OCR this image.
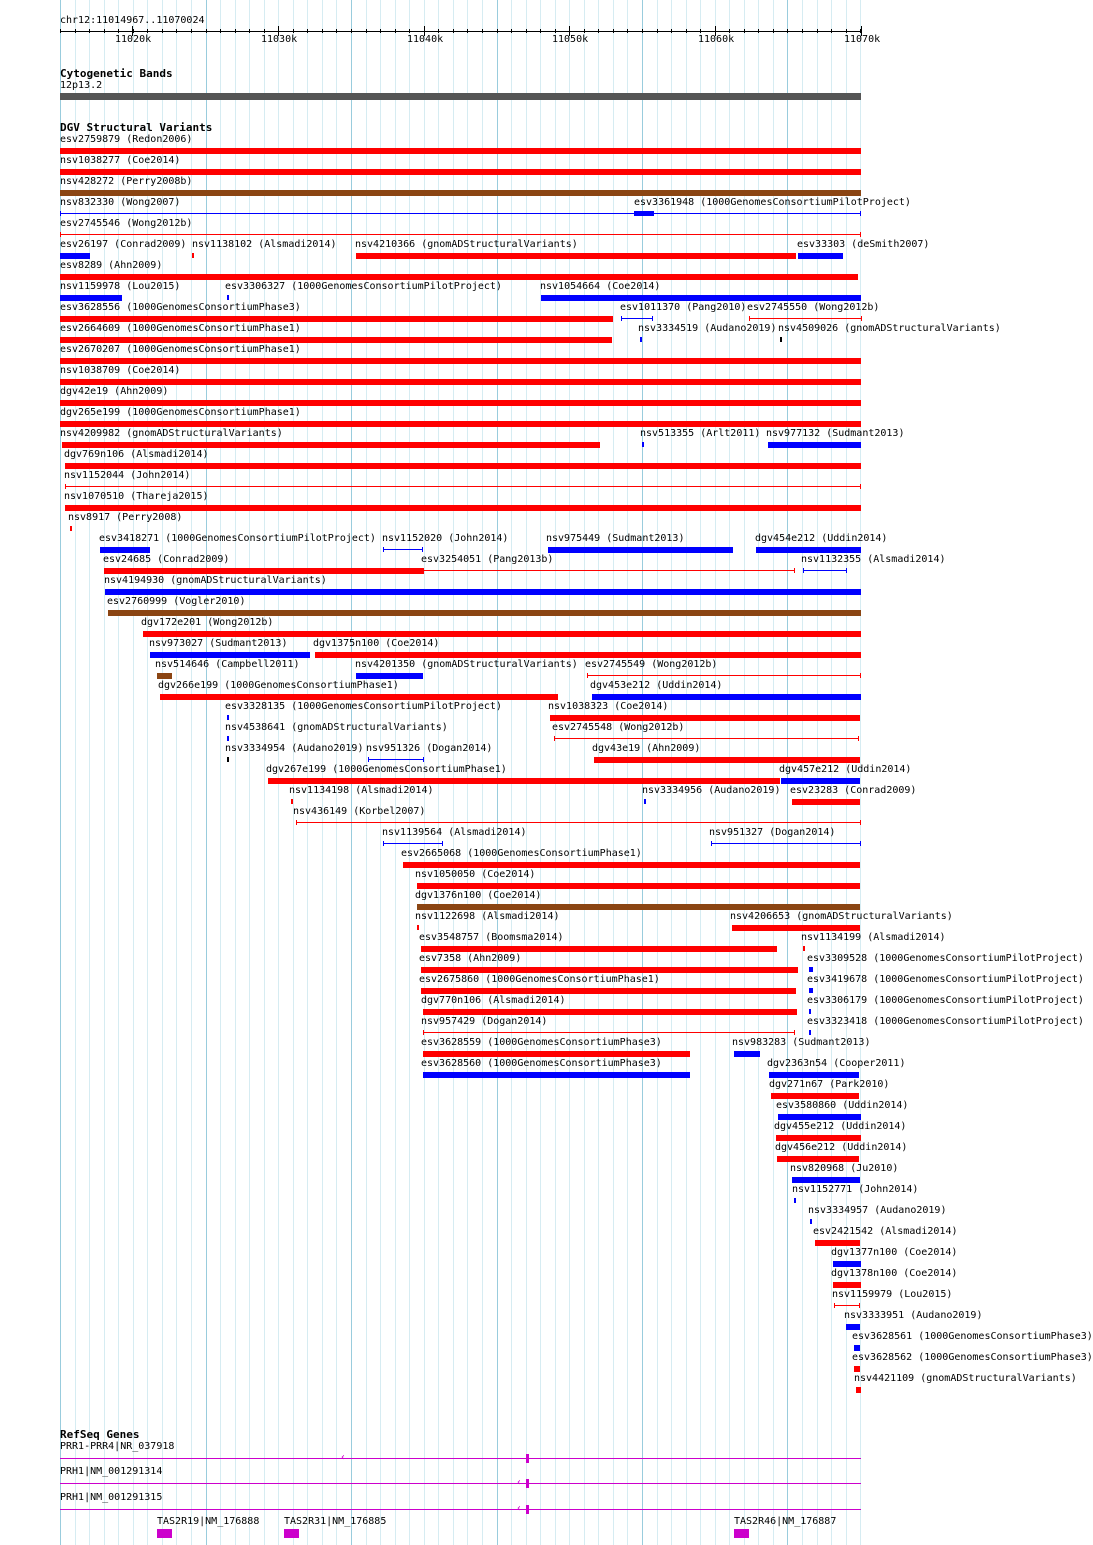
chr12:11014967..11070024
11020k	11030k	11040k	11050k	11060k	11070k
Cytogenetic Bands
12p13.2
DGV Structural Variants
esv2759879 (Redon2006)
nsv1038277 (Coe2014)
nsv428272 (Perry2008b)
nsv832330 (Wong2007)	esv3361948 (1000GenomesConsortiumPilotProject)
esv2745546 (Wong2012b)
esv26197 (Conrad2009) nsv1138102 (Alsmadi2014) nsv4210366 (gnomADStructuralVariants)	esv33303 (deSmith2007)
esv8289 (Ahn2009)
nsv1159978 (Lou2015)	esv3306327 (1000GenomesConsortiumPilotProject)	nsv1054664 (Coe2014)
esv3628556 (1000GenomesConsortiumPhase3)	esv1011370 (Pang2010) esv2745550 (Wong2012b)
esv2664609 (1000GenomesConsortiumPhase1)	nsv3334519 (Audano2019) nsv4509026 (gnomADStructuralVariants)
esv2670207 (1000GenomesConsortiumPhase1)
nsv1038709 (Coe2014)
dgv42e19 (Ahn2009)
dgv265e199 (1000GenomesConsortiumPhase1)
nsv4209982 (gnomADStructuralVariants)	nsv513355 (Arlt2011) nsv977132 (Sudmant2013)
dgv769n106 (Alsmadi2014)
nsv1152044 (John2014)
nsv1070510 (Thareja2015)
nsv8917 (Perry2008)
esv3418271 (1000GenomesConsortiumPilotProject) nsv1152020 (John2014)	nsv975449 (Sudmant2013)	dgv454e212 (Uddin2014)
esv24685 (Conrad2009)	esv3254051 (Pang2013b)	nsv1132355 (Alsmadi2014)
nsv4194930 (gnomADStructuralVariants)
esv2760999 (Vogler2010)
dgv172e201 (Wong2012b)
nsv973027 (Sudmant2013)	dgv1375n100 (Coe2014)
nsv514646 (Campbell2011)	nsv4201350 (gnomADStructuralVariants) esv2745549 (Wong2012b)
dgv266e199 (1000GenomesConsortiumPhase1)	dgv453e212 (Uddin2014)
esv3328135 (1000GenomesConsortiumPilotProject)	nsv1038323 (Coe2014)
nsv4538641 (gnomADStructuralVariants)	esv2745548 (Wong2012b)
nsv3334954 (Audano2019) nsv951326 (Dogan2014)	dgv43e19 (Ahn2009)
dgv267e199 (1000GenomesConsortiumPhase1)	dgv457e212 (Uddin2014)
nsv1134198 (Alsmadi2014)	nsv3334956 (Audano2019) esv23283 (Conrad2009)
nsv436149 (Korbel2007)
nsv1139564 (Alsmadi2014)	nsv951327 (Dogan2014)
esv2665068 (1000GenomesConsortiumPhase1)
nsv1050050 (Coe2014)
dgv1376n100 (Coe2014)
nsv1122698 (Alsmadi2014)	nsv4206653 (gnomADStructuralVariants)
esv3548757 (Boomsma2014)	nsv1134199 (Alsmadi2014)
esv7358 (Ahn2009)	esv3309528 (1000GenomesConsortiumPilotProject)
esv2675860 (1000GenomesConsortiumPhase1)	esv3419678 (1000GenomesConsortiumPilotProject)
dgv770n106 (Alsmadi2014)	esv3306179 (1000GenomesConsortiumPilotProject)
nsv957429 (Dogan2014)	esv3323418 (1000GenomesConsortiumPilotProject)
esv3628559 (1000GenomesConsortiumPhase3)	nsv983283 (Sudmant2013)
esv3628560 (1000GenomesConsortiumPhase3)	dgv2363n54 (Cooper2011)
dgv271n67 (Park2010)
esv3580860 (Uddin2014)
dgv455e212 (Uddin2014)
dgv456e212 (Uddin2014)
nsv820968 (Ju2010)
nsv1152771 (John2014)
nsv3334957 (Audano2019)
esv2421542 (Alsmadi2014)
dgv1377n100 (Coe2014)
dgv1378n100 (Coe2014)
nsv1159979 (Lou2015)
nsv3333951 (Audano2019)
esv3628561 (1000GenomesConsortiumPhase3)
esv3628562 (1000GenomesConsortiumPhase3)
nsv4421109 (gnomADStructuralVariants)
RefSeq Genes
PRR1-PRR4|NR_037918
‹
PRH1|NM_001291314
‹
PRH1|NM_001291315
‹
TAS2R19|NM_176888 TAS2R31|NM_176885	TAS2R46|NM_176887
